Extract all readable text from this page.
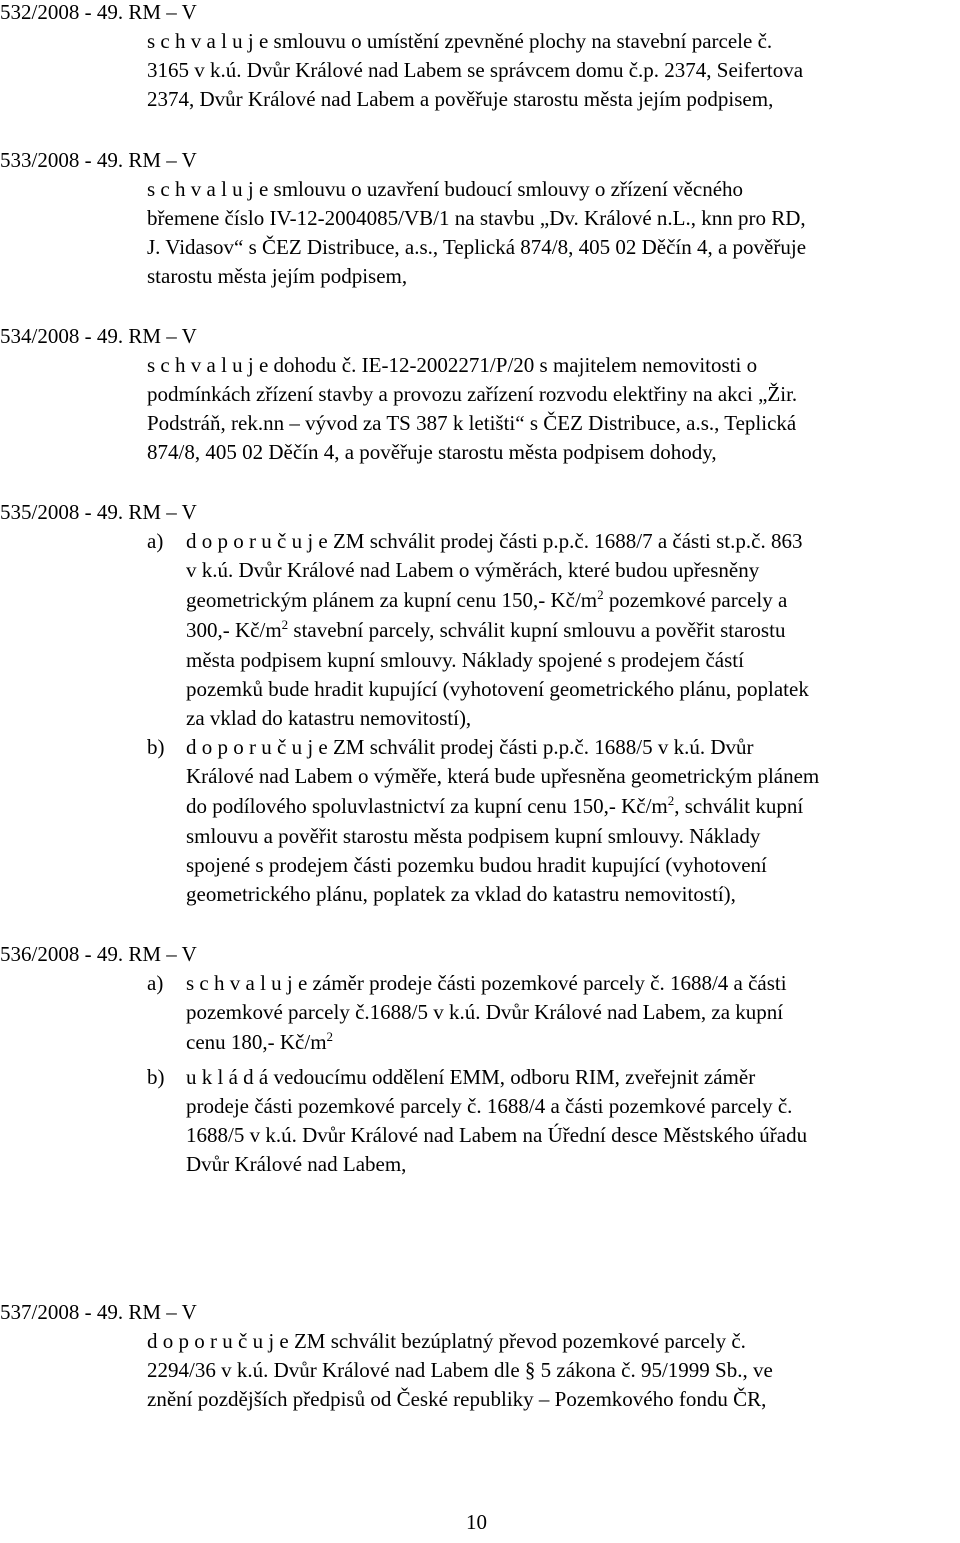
532/2008 - 49. RM – V
s c h v a l u j e smlouvu o umístění zpevněné plochy na stavební parcele č.
3165 v k.ú. Dvůr Králové nad Labem se správcem domu č.p. 2374, Seifertova
2374, Dvůr Králové nad Labem a pověřuje starostu města jejím podpisem,
533/2008 - 49. RM – V
s c h v a l u j e smlouvu o uzavření budoucí smlouvy o zřízení věcného
břemene číslo IV-12-2004085/VB/1 na stavbu „Dv. Králové n.L., knn pro RD,
J. Vidasov“ s ČEZ Distribuce, a.s., Teplická 874/8, 405 02 Děčín 4, a pověřuje
starostu města jejím podpisem,
534/2008 - 49. RM – V
s c h v a l u j e dohodu č. IE-12-2002271/P/20 s majitelem nemovitosti o
podmínkách zřízení stavby a provozu zařízení rozvodu elektřiny na akci „Žir.
Podstráň, rek.nn – vývod za TS 387 k letišti“ s ČEZ Distribuce, a.s., Teplická
874/8, 405 02 Děčín 4, a pověřuje starostu města podpisem dohody,
535/2008 - 49. RM – V
a) d o p o r u č u j e ZM schválit prodej části p.p.č. 1688/7 a části st.p.č. 863
v k.ú. Dvůr Králové nad Labem o výměrách, které budou upřesněny
geometrickým plánem za kupní cenu 150,- $Kč/m^2$ pozemkové parcely a
300,- $Kč/m^2$ stavební parcely, schválit kupní smlouvu a pověřit starostu
města podpisem kupní smlouvy. Náklady spojené s prodejem částí
pozemků bude hradit kupující (vyhotovení geometrického plánu, poplatek
za vklad do katastru nemovitostí),
b) d o p o r u č u j e ZM schválit prodej části p.p.č. 1688/5 v k.ú. Dvůr
Králové nad Labem o výměře, která bude upřesněna geometrickým plánem
do podílového spoluvlastnictví za kupní cenu 150,- $Kč/m^2$, schválit kupní
smlouvu a pověřit starostu města podpisem kupní smlouvy. Náklady
spojené s prodejem části pozemku budou hradit kupující (vyhotovení
geometrického plánu, poplatek za vklad do katastru nemovitostí),
536/2008 - 49. RM – V
a) s c h v a l u j e záměr prodeje části pozemkové parcely č. 1688/4 a části
pozemkové parcely č.1688/5 v k.ú. Dvůr Králové nad Labem, za kupní
cenu 180,- $Kč/m^2$
b) u k l á d á vedoucímu oddělení EMM, odboru RIM, zveřejnit záměr
prodeje části pozemkové parcely č. 1688/4 a části pozemkové parcely č.
1688/5 v k.ú. Dvůr Králové nad Labem na Úřední desce Městského úřadu
Dvůr Králové nad Labem,
537/2008 - 49. RM – V
d o p o r u č u j e ZM schválit bezúplatný převod pozemkové parcely č.
2294/36 v k.ú. Dvůr Králové nad Labem dle § 5 zákona č. 95/1999 Sb., ve
znění pozdějších předpisů od České republiky – Pozemkového fondu ČR,
10
